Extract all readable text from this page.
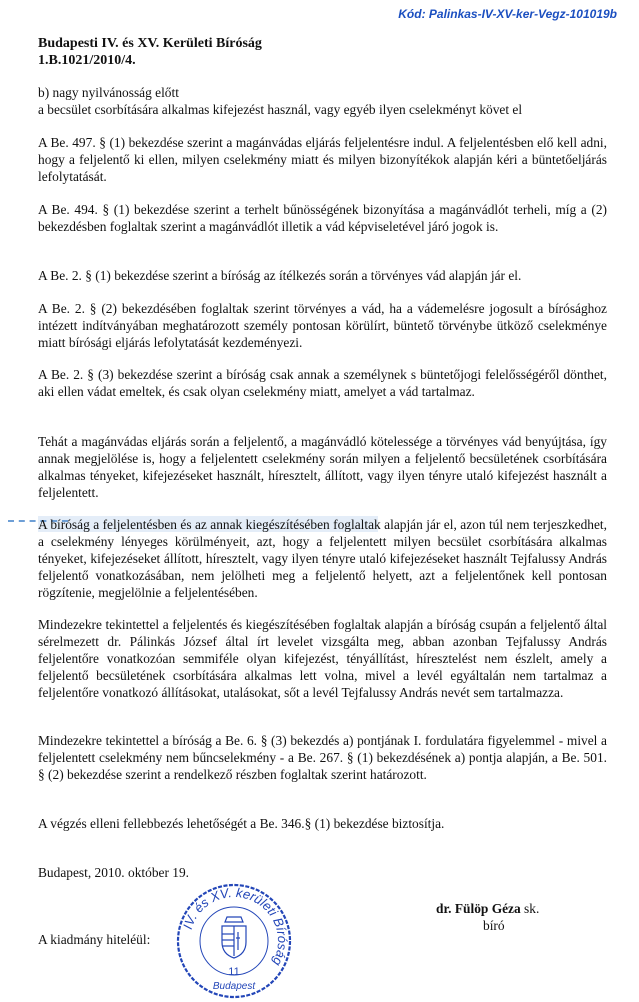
Kód: Palinkas-IV-XV-ker-Vegz-101019b
Budapesti IV. és XV. Kerületi Bíróság
1.B.1021/2010/4.
b) nagy nyilvánosság előtt
a becsület csorbítására alkalmas kifejezést használ, vagy egyéb ilyen cselekményt követ el

A Be. 497. § (1) bekezdése szerint a magánvádas eljárás feljelentésre indul. A feljelentésben elő kell adni, hogy a feljelentő ki ellen, milyen cselekmény miatt és milyen bizonyítékok alapján kéri a büntetőeljárás lefolytatását.

A Be. 494. § (1) bekezdése szerint a terhelt bűnösségének bizonyítása a magánvádlót terheli, míg a (2) bekezdésben foglaltak szerint a magánvádlót illetik a vád képviseletével járó jogok is.

A Be. 2. § (1) bekezdése szerint a bíróság az ítélkezés során a törvényes vád alapján jár el.

A Be. 2. § (2) bekezdésében foglaltak szerint törvényes a vád, ha a vádemelésre jogosult a bírósághoz intézett indítványában meghatározott személy pontosan körülírt, büntető törvénybe ütköző cselekménye miatt bírósági eljárás lefolytatását kezdeményezi.

A Be. 2. § (3) bekezdése szerint a bíróság csak annak a személynek s büntetőjogi felelősségéről dönthet, aki ellen vádat emeltek, és csak olyan cselekmény miatt, amelyet a vád tartalmaz.

Tehát a magánvádas eljárás során a feljelentő, a magánvádló kötelessége a törvényes vád benyújtása, így annak megjelölése is, hogy a feljelentett cselekmény során milyen a feljelentő becsületének csorbítására alkalmas tényeket, kifejezéseket használt, híresztelt, állított, vagy ilyen tényre utaló kifejezést használt a feljelentett.

A bíróság a feljelentésben és az annak kiegészítésében foglaltak alapján jár el, azon túl nem terjeszkedhet, a cselekmény lényeges körülményeit, azt, hogy a feljelentett milyen becsület csorbítására alkalmas tényeket, kifejezéseket állított, híresztelt, vagy ilyen tényre utaló kifejezéseket használt Tejfalussy András feljelentő vonatkozásában, nem jelölheti meg a feljelentő helyett, azt a feljelentőnek kell pontosan rögzítenie, megjelölnie a feljelentésében.

Mindezekre tekintettel a feljelentés és kiegészítésében foglaltak alapján a bíróság csupán a feljelentő által sérelmezett dr. Pálinkás József által írt levelet vizsgálta meg, abban azonban Tejfalussy András feljelentőre vonatkozóan semmiféle olyan kifejezést, tényállítást, híresztelést nem észlelt, amely a feljelentő becsületének csorbítására alkalmas lett volna, mivel a levél egyáltalán nem tartalmaz a feljelentőre vonatkozó állításokat, utalásokat, sőt a levél Tejfalussy András nevét sem tartalmazza.

Mindezekre tekintettel a bíróság a Be. 6. § (3) bekezdés a) pontjának I. fordulatára figyelemmel - mivel a feljelentett cselekmény nem bűncselekmény - a Be. 267. § (1) bekezdésének a) pontja alapján, a Be. 501. § (2) bekezdése szerint a rendelkező részben foglaltak szerint határozott.

A végzés elleni fellebbezés lehetőségét a Be. 346.§ (1) bekezdése biztosítja.

Budapest, 2010. október 19.
dr. Fülöp Géza sk.
bíró
A kiadmány hiteléül:
IV. és XV. kerületi Bíróság
11
Budapest
